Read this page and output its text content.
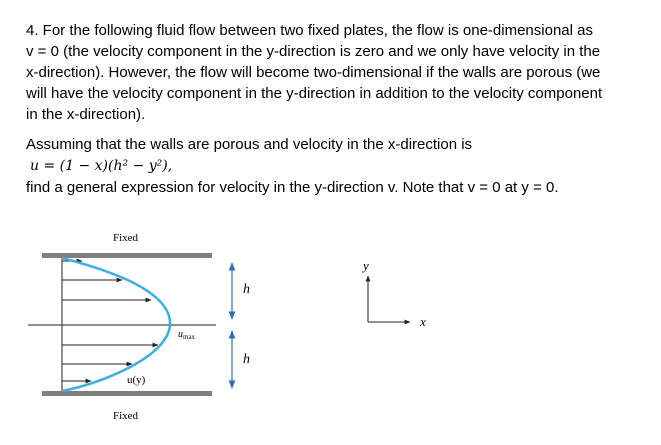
4. For the following fluid flow between two fixed plates, the flow is one-dimensional as
v = 0 (the velocity component in the y-direction is zero and we only have velocity in the
x-direction). However, the flow will become two-dimensional if the walls are porous (we
will have the velocity component in the y-direction in addition to the velocity component
in the x-direction).

Assuming that the walls are porous and velocity in the x-direction is
u = (1 − x)(h² − y²),
find a general expression for velocity in the y-direction v. Note that v = 0 at y = 0.

Fixed
Fixed
$u_{max}$
u(y)
h
h
y
x
